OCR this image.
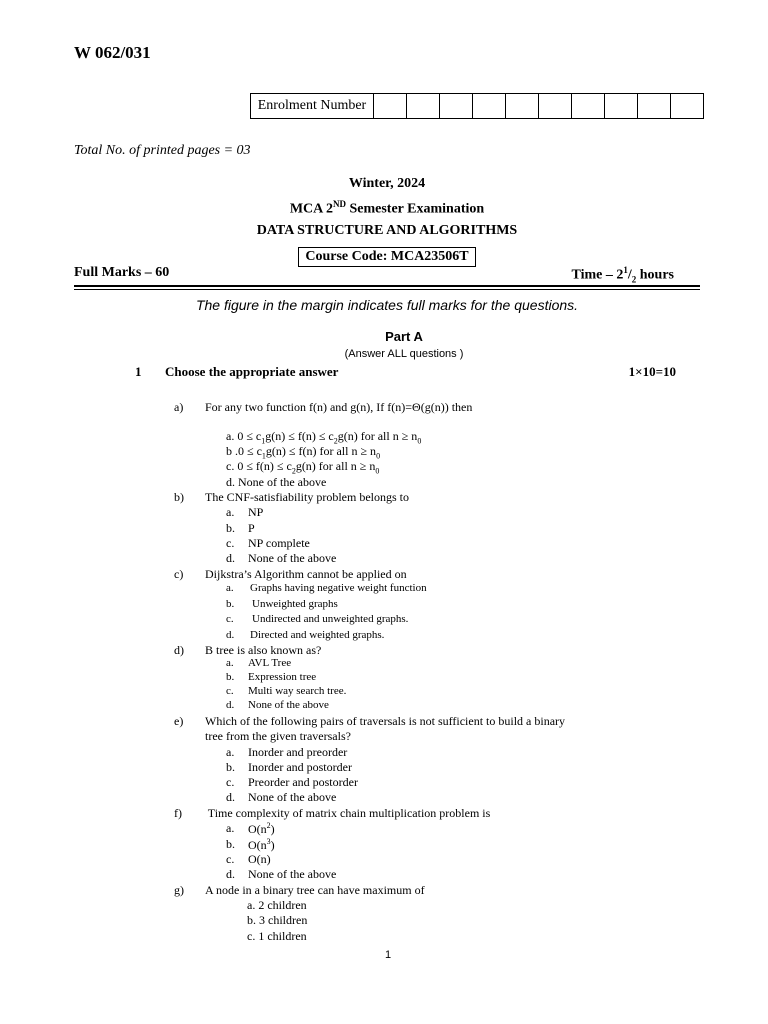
W 062/031
Enrolment Number										
Total No. of printed pages = 03
Winter, 2024
MCA 2ND Semester Examination
DATA STRUCTURE AND ALGORITHMS
Course Code: MCA23506T
Full Marks – 60	Time – $2^1/_2$ hours
The figure in the margin indicates full marks for the questions.
Part A
(Answer ALL questions )
1 Choose the appropriate answer	1×10=10
a) For any two function f(n) and g(n), If f(n)=Θ(g(n)) then
a. $0 \le c_1g(n) \le f(n) \le c_2g(n)$ for all $n \ge n_0$
b $.0 \le c_1g(n) \le f(n)$ for all $n \ge n_0$
c. $0 \le f(n) \le c_2g(n)$ for all $n \ge n_0$
d. None of the above
b) The CNF-satisfiability problem belongs to
a. NP
b. P
c. NP complete
d. None of the above
c) Dijkstra’s Algorithm cannot be applied on
a. Graphs having negative weight function
b. Unweighted graphs
c. Undirected and unweighted graphs.
d. Directed and weighted graphs.
d) B tree is also known as?
a. AVL Tree
b. Expression tree
c. Multi way search tree.
d. None of the above
e) Which of the following pairs of traversals is not sufficient to build a binary
tree from the given traversals?
a. Inorder and preorder
b. Inorder and postorder
c. Preorder and postorder
d. None of the above
f) Time complexity of matrix chain multiplication problem is
a. $O(n^2)$
b. $O(n^3)$
c. O(n)
d. None of the above
g) A node in a binary tree can have maximum of
a. 2 children
b. 3 children
c. 1 children
1
